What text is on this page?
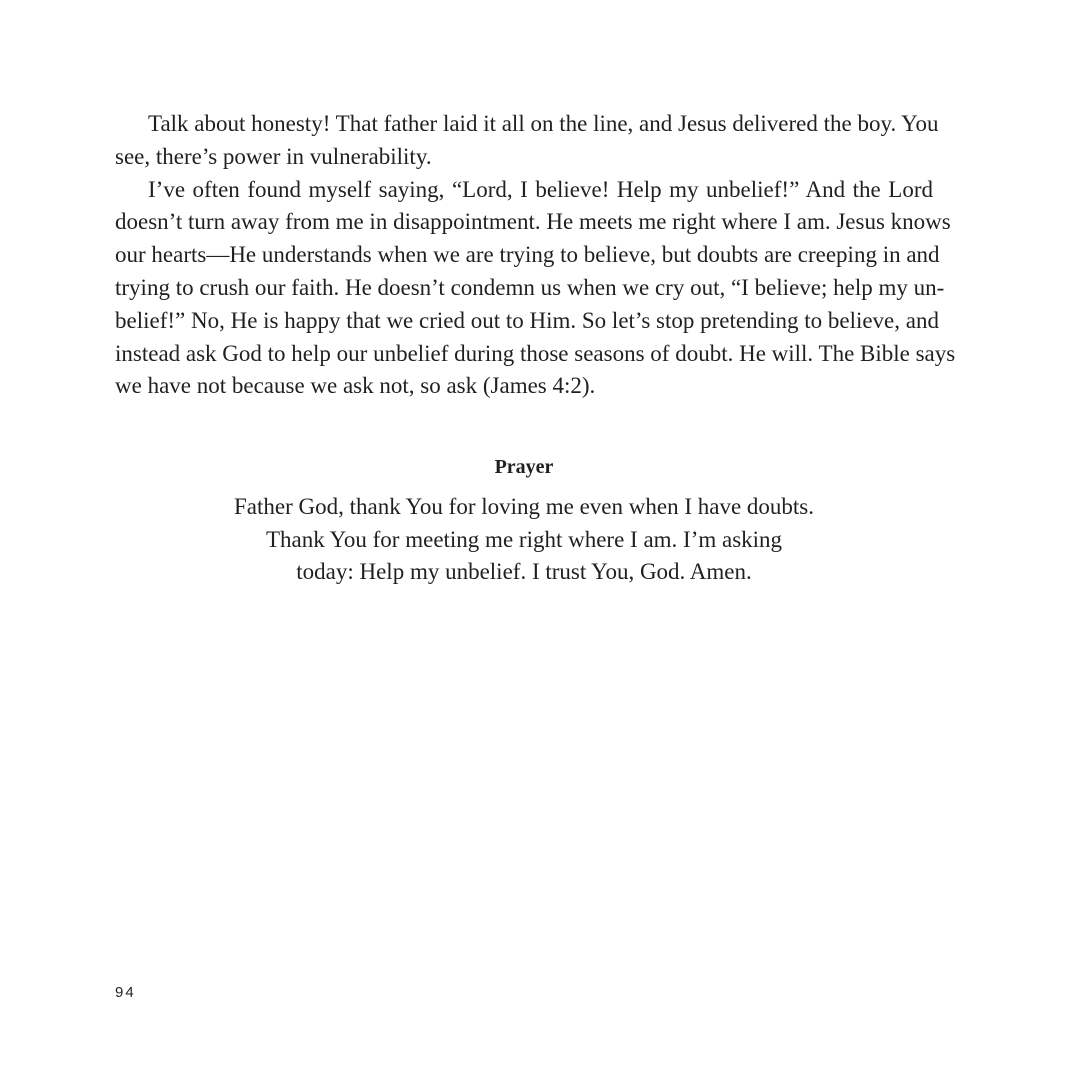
Talk about honesty! That father laid it all on the line, and Jesus delivered the boy. You
see, there’s power in vulnerability.
I’ve often found myself saying, “Lord, I believe! Help my unbelief!” And the Lord
doesn’t turn away from me in disappointment. He meets me right where I am. Jesus knows
our hearts—He understands when we are trying to believe, but doubts are creeping in and
trying to crush our faith. He doesn’t condemn us when we cry out, “I believe; help my un-
belief!” No, He is happy that we cried out to Him. So let’s stop pretending to believe, and
instead ask God to help our unbelief during those seasons of doubt. He will. The Bible says
we have not because we ask not, so ask (James 4:2).
Prayer
Father God, thank You for loving me even when I have doubts.
Thank You for meeting me right where I am. I’m asking
today: Help my unbelief. I trust You, God. Amen.
94
